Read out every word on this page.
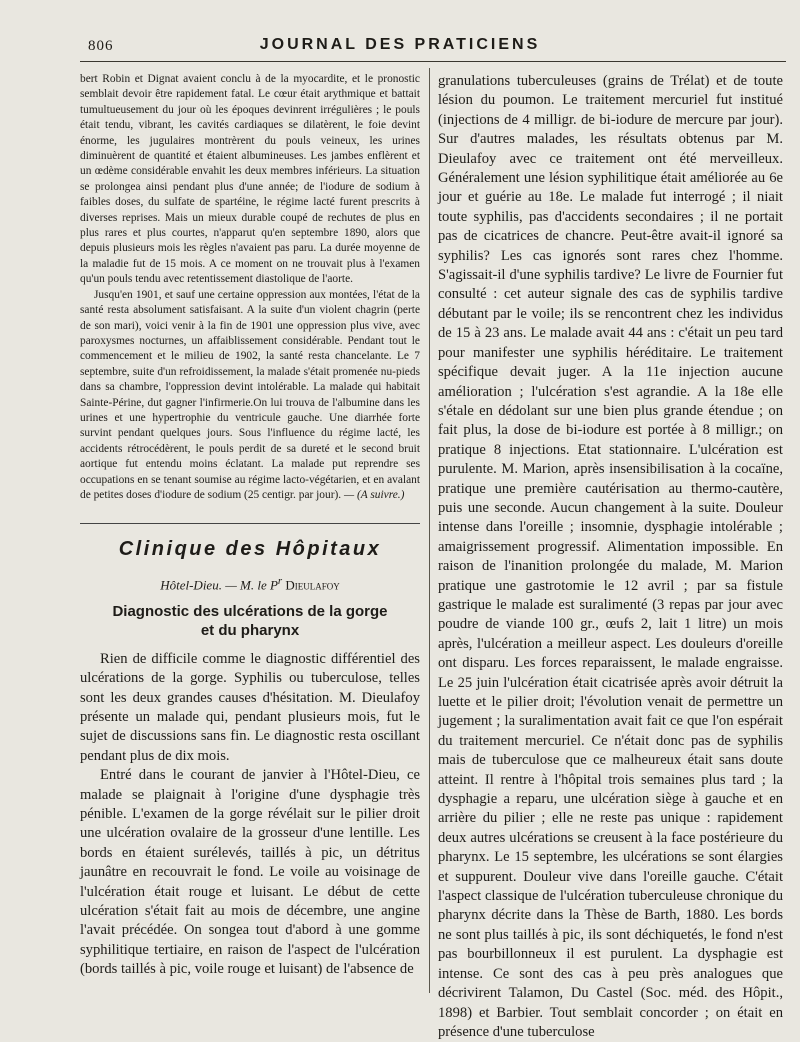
806	JOURNAL DES PRATICIENS

bert Robin et Dignat avaient conclu à de la myocardite, et le pronostic semblait devoir être rapidement fatal. Le cœur était arythmique et battait tumultueusement du jour où les époques devinrent irrégulières ; le pouls était tendu, vibrant, les cavités cardiaques se dilatèrent, le foie devint énorme, les jugulaires montrèrent du pouls veineux, les urines diminuèrent de quantité et étaient albumineuses. Les jambes enflèrent et un œdème considérable envahit les deux membres inférieurs. La situation se prolongea ainsi pendant plus d'une année; de l'iodure de sodium à faibles doses, du sulfate de spartéine, le régime lacté furent prescrits à diverses reprises. Mais un mieux durable coupé de rechutes de plus en plus rares et plus courtes, n'apparut qu'en septembre 1890, alors que depuis plusieurs mois les règles n'avaient pas paru. La durée moyenne de la maladie fut de 15 mois. A ce moment on ne trouvait plus à l'examen qu'un pouls tendu avec retentissement diastolique de l'aorte.

Jusqu'en 1901, et sauf une certaine oppression aux montées, l'état de la santé resta absolument satisfaisant. A la suite d'un violent chagrin (perte de son mari), voici venir à la fin de 1901 une oppression plus vive, avec paroxysmes nocturnes, un affaiblissement considérable. Pendant tout le commencement et le milieu de 1902, la santé resta chancelante. Le 7 septembre, suite d'un refroidissement, la malade s'était promenée nu-pieds dans sa chambre, l'oppression devint intolérable. La malade qui habitait Sainte-Périne, dut gagner l'infirmerie.On lui trouva de l'albumine dans les urines et une hypertrophie du ventricule gauche. Une diarrhée forte survint pendant quelques jours. Sous l'influence du régime lacté, les accidents rétrocédèrent, le pouls perdit de sa dureté et le second bruit aortique fut entendu moins éclatant. La malade put reprendre ses occupations en se tenant soumise au régime lacto-végétarien, et en avalant de petites doses d'iodure de sodium (25 centigr. par jour). — (A suivre.)

Clinique des Hôpitaux
Hôtel-Dieu. — M. le $P^r$ Dieulafoy
Diagnostic des ulcérations de la gorge
et du pharynx

Rien de difficile comme le diagnostic différentiel des ulcérations de la gorge. Syphilis ou tuberculose, telles sont les deux grandes causes d'hésitation. M. Dieulafoy présente un malade qui, pendant plusieurs mois, fut le sujet de discussions sans fin. Le diagnostic resta oscillant pendant plus de dix mois.

Entré dans le courant de janvier à l'Hôtel-Dieu, ce malade se plaignait à l'origine d'une dysphagie très pénible. L'examen de la gorge révélait sur le pilier droit une ulcération ovalaire de la grosseur d'une lentille. Les bords en étaient surélevés, taillés à pic, un détritus jaunâtre en recouvrait le fond. Le voile au voisinage de l'ulcération était rouge et luisant. Le début de cette ulcération s'était fait au mois de décembre, une angine l'avait précédée. On songea tout d'abord à une gomme syphilitique tertiaire, en raison de l'aspect de l'ulcération (bords taillés à pic, voile rouge et luisant) de l'absence de

granulations tuberculeuses (grains de Trélat) et de toute lésion du poumon. Le traitement mercuriel fut institué (injections de 4 milligr. de bi-iodure de mercure par jour). Sur d'autres malades, les résultats obtenus par M. Dieulafoy avec ce traitement ont été merveilleux. Généralement une lésion syphilitique était améliorée au 6e jour et guérie au 18e. Le malade fut interrogé ; il niait toute syphilis, pas d'accidents secondaires ; il ne portait pas de cicatrices de chancre. Peut-être avait-il ignoré sa syphilis? Les cas ignorés sont rares chez l'homme. S'agissait-il d'une syphilis tardive? Le livre de Fournier fut consulté : cet auteur signale des cas de syphilis tardive débutant par le voile; ils se rencontrent chez les individus de 15 à 23 ans. Le malade avait 44 ans : c'était un peu tard pour manifester une syphilis héréditaire. Le traitement spécifique devait juger. A la 11e injection aucune amélioration ; l'ulcération s'est agrandie. A la 18e elle s'étale en dédolant sur une bien plus grande étendue ; on fait plus, la dose de bi-iodure est portée à 8 milligr.; on pratique 8 injections. Etat stationnaire. L'ulcération est purulente. M. Marion, après insensibilisation à la cocaïne, pratique une première cautérisation au thermo-cautère, puis une seconde. Aucun changement à la suite. Douleur intense dans l'oreille ; insomnie, dysphagie intolérable ; amaigrissement progressif. Alimentation impossible. En raison de l'inanition prolongée du malade, M. Marion pratique une gastrotomie le 12 avril ; par sa fistule gastrique le malade est suralimenté (3 repas par jour avec poudre de viande 100 gr., œufs 2, lait 1 litre) un mois après, l'ulcération a meilleur aspect. Les douleurs d'oreille ont disparu. Les forces reparaissent, le malade engraisse. Le 25 juin l'ulcération était cicatrisée après avoir détruit la luette et le pilier droit; l'évolution venait de permettre un jugement ; la suralimentation avait fait ce que l'on espérait du traitement mercuriel. Ce n'était donc pas de syphilis mais de tuberculose que ce malheureux était sans doute atteint. Il rentre à l'hôpital trois semaines plus tard ; la dysphagie a reparu, une ulcération siège à gauche et en arrière du pilier ; elle ne reste pas unique : rapidement deux autres ulcérations se creusent à la face postérieure du pharynx. Le 15 septembre, les ulcérations se sont élargies et suppurent. Douleur vive dans l'oreille gauche. C'était l'aspect classique de l'ulcération tuberculeuse chronique du pharynx décrite dans la Thèse de Barth, 1880. Les bords ne sont plus taillés à pic, ils sont déchiquetés, le fond n'est pas bourbillonneux il est purulent. La dysphagie est intense. Ce sont des cas à peu près analogues que décrivirent Talamon, Du Castel (Soc. méd. des Hôpit., 1898) et Barbier. Tout semblait concorder ; on était en présence d'une tuberculose
